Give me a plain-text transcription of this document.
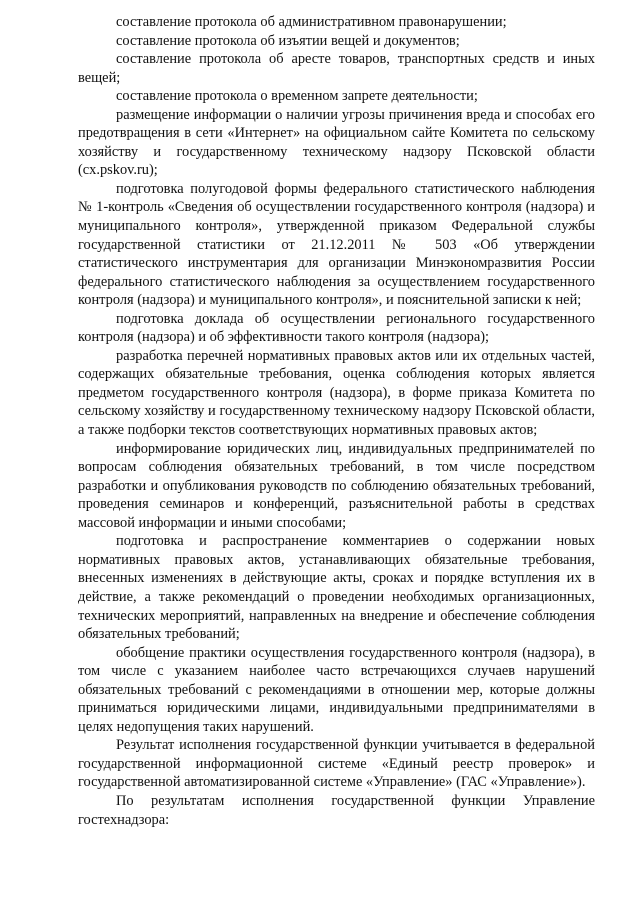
составление протокола об административном правонарушении;

составление протокола об изъятии вещей и документов;

составление протокола об аресте товаров, транспортных средств и иных вещей;

составление протокола о временном запрете деятельности;

размещение информации о наличии угрозы причинения вреда и способах его предотвращения в сети «Интернет» на официальном сайте Комитета по сельскому хозяйству и государственному техническому надзору Псковской области (cx.pskov.ru);

подготовка полугодовой формы федерального статистического наблюдения № 1-контроль «Сведения об осуществлении государственного контроля (надзора) и муниципального контроля», утвержденной приказом Федеральной службы государственной статистики от 21.12.2011 № 503 «Об утверждении статистического инструментария для организации Минэкономразвития России федерального статистического наблюдения за осуществлением государственного контроля (надзора) и муниципального контроля», и пояснительной записки к ней;

подготовка доклада об осуществлении регионального государственного контроля (надзора) и об эффективности такого контроля (надзора);

разработка перечней нормативных правовых актов или их отдельных частей, содержащих обязательные требования, оценка соблюдения которых является предметом государственного контроля (надзора), в форме приказа Комитета по сельскому хозяйству и государственному техническому надзору Псковской области, а также подборки текстов соответствующих нормативных правовых актов;

информирование юридических лиц, индивидуальных предпринимателей по вопросам соблюдения обязательных требований, в том числе посредством разработки и опубликования руководств по соблюдению обязательных требований, проведения семинаров и конференций, разъяснительной работы в средствах массовой информации и иными способами;

подготовка и распространение комментариев о содержании новых нормативных правовых актов, устанавливающих обязательные требования, внесенных изменениях в действующие акты, сроках и порядке вступления их в действие, а также рекомендаций о проведении необходимых организационных, технических мероприятий, направленных на внедрение и обеспечение соблюдения обязательных требований;

обобщение практики осуществления государственного контроля (надзора), в том числе с указанием наиболее часто встречающихся случаев нарушений обязательных требований с рекомендациями в отношении мер, которые должны приниматься юридическими лицами, индивидуальными предпринимателями в целях недопущения таких нарушений.

Результат исполнения государственной функции учитывается в федеральной государственной информационной системе «Единый реестр проверок» и государственной автоматизированной системе «Управление» (ГАС «Управление»).

По результатам исполнения государственной функции Управление гостехнадзора:
